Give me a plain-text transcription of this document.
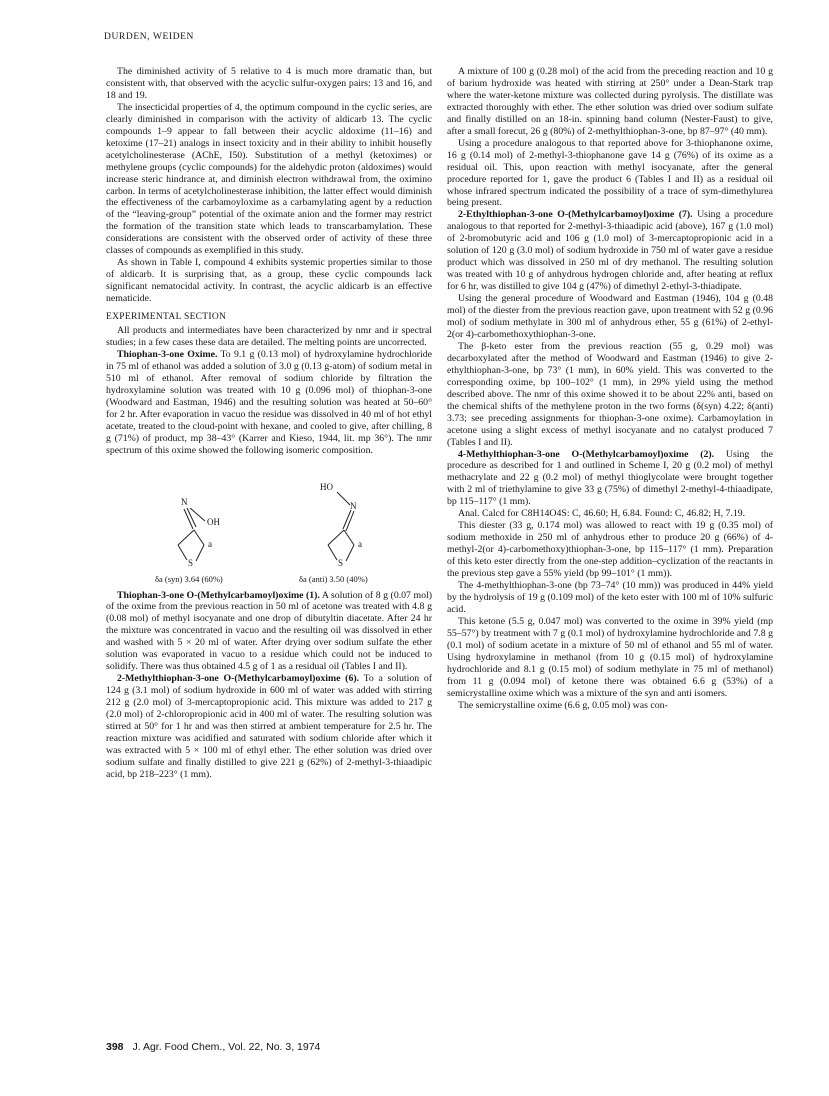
DURDEN, WEIDEN

The diminished activity of 5 relative to 4 is much more dramatic than, but consistent with, that observed with the acyclic sulfur-oxygen pairs: 13 and 16, and 18 and 19.

The insecticidal properties of 4, the optimum compound in the cyclic series, are clearly diminished in comparison with the activity of aldicarb 13. The cyclic compounds 1–9 appear to fall between their acyclic aldoxime (11–16) and ketoxime (17–21) analogs in insect toxicity and in their ability to inhibit housefly acetylcholinesterase (AChE, I50). Substitution of a methyl (ketoximes) or methylene groups (cyclic compounds) for the aldehydic proton (aldoximes) would increase steric hindrance at, and diminish electron withdrawal from, the oximino carbon. In terms of acetylcholinesterase inhibition, the latter effect would diminish the effectiveness of the carbamoyloxime as a carbamylating agent by a reduction of the “leaving-group” potential of the oximate anion and the former may restrict the formation of the transition state which leads to transcarbamylation. These considerations are consistent with the observed order of activity of these three classes of compounds as exemplified in this study.

As shown in Table I, compound 4 exhibits systemic properties similar to those of aldicarb. It is surprising that, as a group, these cyclic compounds lack significant nematocidal activity. In contrast, the acyclic aldicarb is an effective nematicide.

EXPERIMENTAL SECTION

All products and intermediates have been characterized by nmr and ir spectral studies; in a few cases these data are detailed. The melting points are uncorrected.

Thiophan-3-one Oxime. To 9.1 g (0.13 mol) of hydroxylamine hydrochloride in 75 ml of ethanol was added a solution of 3.0 g (0.13 g-atom) of sodium metal in 510 ml of ethanol. After removal of sodium chloride by filtration the hydroxylamine solution was treated with 10 g (0.096 mol) of thiophan-3-one (Woodward and Eastman, 1946) and the resulting solution was heated at 50–60° for 2 hr. After evaporation in vacuo the residue was dissolved in 40 ml of hot ethyl acetate, treated to the cloud-point with hexane, and cooled to give, after chilling, 8 g (71%) of product, mp 38–43° (Karrer and Kieso, 1944, lit. mp 36°). The nmr spectrum of this oxime showed the following isomeric composition.

N
OH
a
S
HO
N
a
S
δa (syn) 3.64 (60%)	δa (anti) 3.50 (40%)

Thiophan-3-one O-(Methylcarbamoyl)oxime (1). A solution of 8 g (0.07 mol) of the oxime from the previous reaction in 50 ml of acetone was treated with 4.8 g (0.08 mol) of methyl isocyanate and one drop of dibutyltin diacetate. After 24 hr the mixture was concentrated in vacuo and the resulting oil was dissolved in ether and washed with 5 × 20 ml of water. After drying over sodium sulfate the ether solution was evaporated in vacuo to a residue which could not be induced to solidify. There was thus obtained 4.5 g of 1 as a residual oil (Tables I and II).

2-Methylthiophan-3-one O-(Methylcarbamoyl)oxime (6). To a solution of 124 g (3.1 mol) of sodium hydroxide in 600 ml of water was added with stirring 212 g (2.0 mol) of 3-mercaptopropionic acid. This mixture was added to 217 g (2.0 mol) of 2-chloropropionic acid in 400 ml of water. The resulting solution was stirred at 50° for 1 hr and was then stirred at ambient temperature for 2.5 hr. The reaction mixture was acidified and saturated with sodium chloride after which it was extracted with 5 × 100 ml of ethyl ether. The ether solution was dried over sodium sulfate and finally distilled to give 221 g (62%) of 2-methyl-3-thiaadipic acid, bp 218–223° (1 mm).

A mixture of 100 g (0.28 mol) of the acid from the preceding reaction and 10 g of barium hydroxide was heated with stirring at 250° under a Dean-Stark trap where the water-ketone mixture was collected during pyrolysis. The distillate was extracted thoroughly with ether. The ether solution was dried over sodium sulfate and finally distilled on an 18-in. spinning band column (Nester-Faust) to give, after a small forecut, 26 g (80%) of 2-methylthiophan-3-one, bp 87–97° (40 mm).

Using a procedure analogous to that reported above for 3-thiophanone oxime, 16 g (0.14 mol) of 2-methyl-3-thiophanone gave 14 g (76%) of its oxime as a residual oil. This, upon reaction with methyl isocyanate, after the general procedure reported for 1, gave the product 6 (Tables I and II) as a residual oil whose infrared spectrum indicated the possibility of a trace of sym-dimethylurea being present.

2-Ethylthiophan-3-one O-(Methylcarbamoyl)oxime (7). Using a procedure analogous to that reported for 2-methyl-3-thiaadipic acid (above), 167 g (1.0 mol) of 2-bromobutyric acid and 106 g (1.0 mol) of 3-mercaptopropionic acid in a solution of 120 g (3.0 mol) of sodium hydroxide in 750 ml of water gave a residue product which was dissolved in 250 ml of dry methanol. The resulting solution was treated with 10 g of anhydrous hydrogen chloride and, after heating at reflux for 6 hr, was distilled to give 104 g (47%) of dimethyl 2-ethyl-3-thiadipate.

Using the general procedure of Woodward and Eastman (1946), 104 g (0.48 mol) of the diester from the previous reaction gave, upon treatment with 52 g (0.96 mol) of sodium methylate in 300 ml of anhydrous ether, 55 g (61%) of 2-ethyl-2(or 4)-carbomethoxythiophan-3-one.

The β-keto ester from the previous reaction (55 g, 0.29 mol) was decarboxylated after the method of Woodward and Eastman (1946) to give 2-ethylthiophan-3-one, bp 73° (1 mm), in 60% yield. This was converted to the corresponding oxime, bp 100–102° (1 mm), in 29% yield using the method described above. The nmr of this oxime showed it to be about 22% anti, based on the chemical shifts of the methylene proton in the two forms (δ(syn) 4.22; δ(anti) 3.73; see preceding assignments for thiophan-3-one oxime). Carbamoylation in acetone using a slight excess of methyl isocyanate and no catalyst produced 7 (Tables I and II).

4-Methylthiophan-3-one O-(Methylcarbamoyl)oxime (2). Using the procedure as described for 1 and outlined in Scheme I, 20 g (0.2 mol) of methyl methacrylate and 22 g (0.2 mol) of methyl thioglycolate were brought together with 2 ml of triethylamine to give 33 g (75%) of dimethyl 2-methyl-4-thiaadipate, bp 115–117° (1 mm).

Anal. Calcd for C8H14O4S: C, 46.60; H, 6.84. Found: C, 46.82; H, 7.19.

This diester (33 g, 0.174 mol) was allowed to react with 19 g (0.35 mol) of sodium methoxide in 250 ml of anhydrous ether to produce 20 g (66%) of 4-methyl-2(or 4)-carbomethoxy)thiophan-3-one, bp 115–117° (1 mm). Preparation of this keto ester directly from the one-step addition–cyclization of the reactants in the previous step gave a 55% yield (bp 99–101° (1 mm)).

The 4-methylthiophan-3-one (bp 73–74° (10 mm)) was produced in 44% yield by the hydrolysis of 19 g (0.109 mol) of the keto ester with 100 ml of 10% sulfuric acid.

This ketone (5.5 g, 0.047 mol) was converted to the oxime in 39% yield (mp 55–57°) by treatment with 7 g (0.1 mol) of hydroxylamine hydrochloride and 7.8 g (0.1 mol) of sodium acetate in a mixture of 50 ml of ethanol and 55 ml of water. Using hydroxylamine in methanol (from 10 g (0.15 mol) of hydroxylamine hydrochloride and 8.1 g (0.15 mol) of sodium methylate in 75 ml of methanol) from 11 g (0.094 mol) of ketone there was obtained 6.6 g (53%) of a semicrystalline oxime which was a mixture of the syn and anti isomers.

The semicrystalline oxime (6.6 g, 0.05 mol) was con-

398 J. Agr. Food Chem., Vol. 22, No. 3, 1974
